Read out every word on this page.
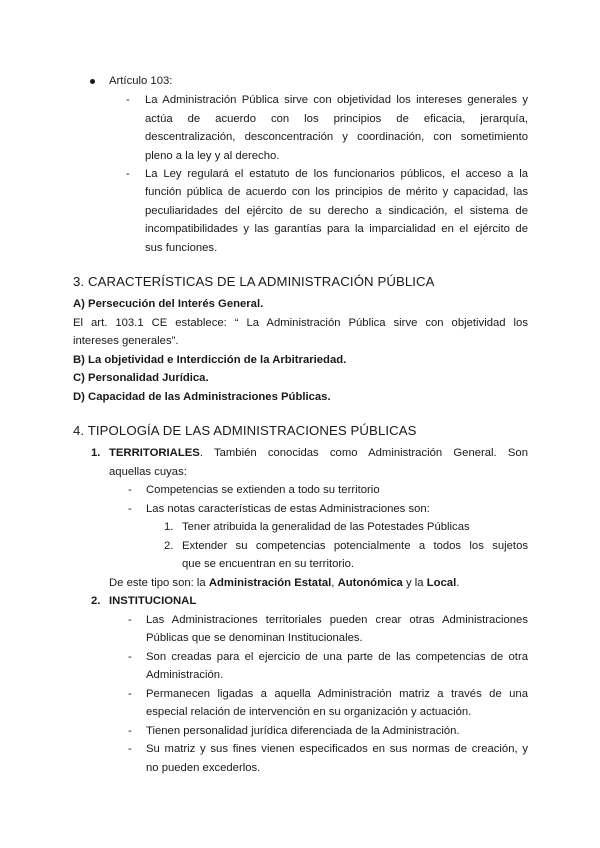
Artículo 103:
- La Administración Pública sirve con objetividad los intereses generales y
actúa de acuerdo con los principios de eficacia, jerarquía,
descentralización, desconcentración y coordinación, con sometimiento
pleno a la ley y al derecho.
- La Ley regulará el estatuto de los funcionarios públicos, el acceso a la
función pública de acuerdo con los principios de mérito y capacidad, las
peculiaridades del ejército de su derecho a sindicación, el sistema de
incompatibilidades y las garantías para la imparcialidad en el ejército de
sus funciones.
3. CARACTERÍSTICAS DE LA ADMINISTRACIÓN PÚBLICA
A) Persecución del Interés General.
El art. 103.1 CE establece: “ La Administración Pública sirve con objetividad los
intereses generales”.
B) La objetividad e Interdicción de la Arbitrariedad.
C) Personalidad Jurídica.
D) Capacidad de las Administraciones Públicas.
4. TIPOLOGÍA DE LAS ADMINISTRACIONES PÚBLICAS
1. TERRITORIALES. También conocidas como Administración General. Son
aquellas cuyas:
- Competencias se extienden a todo su territorio
- Las notas características de estas Administraciones son:
1. Tener atribuida la generalidad de las Potestades Públicas
2. Extender su competencias potencialmente a todos los sujetos
que se encuentran en su territorio.
De este tipo son: la Administración Estatal, Autonómica y la Local.
2. INSTITUCIONAL
- Las Administraciones territoriales pueden crear otras Administraciones
Públicas que se denominan Institucionales.
- Son creadas para el ejercicio de una parte de las competencias de otra
Administración.
- Permanecen ligadas a aquella Administración matriz a través de una
especial relación de intervención en su organización y actuación.
- Tienen personalidad jurídica diferenciada de la Administración.
- Su matriz y sus fines vienen especificados en sus normas de creación, y
no pueden excederlos.
